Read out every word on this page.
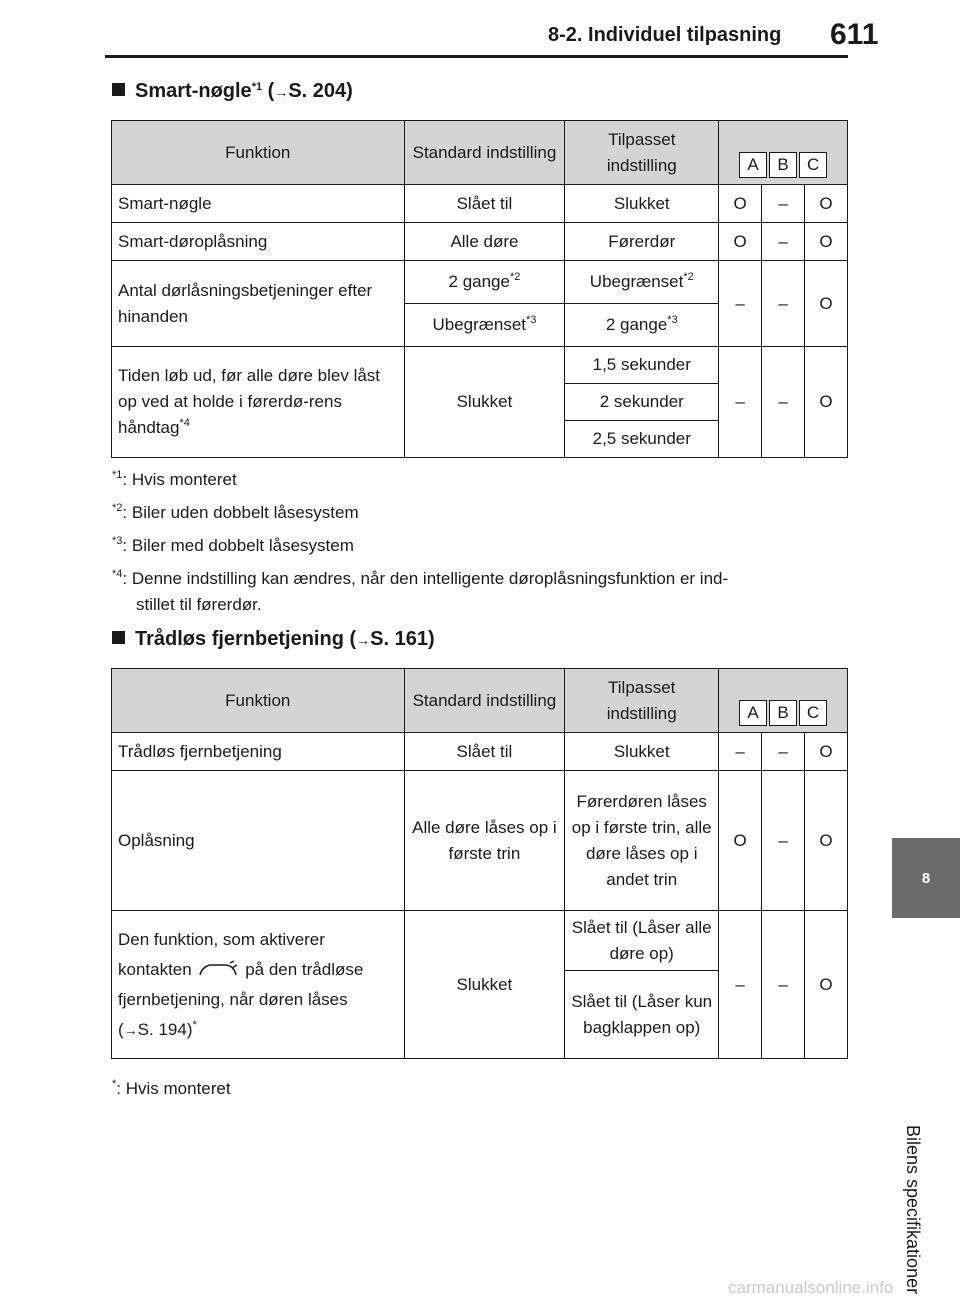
8-2. Individuel tilpasning 611
8
Bilens specifikationer
Smart-nøgle$^{*1}$ (→S. 204)
Funktion	Standard indstilling	Tilpasset indstilling	A B C		
Smart-nøgle	Slået til	Slukket	O	–	O
Smart-døroplåsning	Alle døre	Førerdør	O	–	O
Antal dørlåsningsbetjeninger efter hinanden	2 gange$^{*2}$	Ubegrænset$^{*2}$	–	–	O
	Ubegrænset$^{*3}$	2 gange$^{*3}$
Tiden løb ud, før alle døre blev låst op ved at holde i førerdø-rens håndtag$^{*4}$	Slukket	1,5 sekunder	–	–	O
		2 sekunder			
		2,5 sekunder			
$^{*1}$: Hvis monteret
$^{*2}$: Biler uden dobbelt låsesystem
$^{*3}$: Biler med dobbelt låsesystem
$^{*4}$: Denne indstilling kan ændres, når den intelligente døroplåsningsfunktion er ind-
stillet til førerdør.
Trådløs fjernbetjening (→S. 161)
Funktion	Standard indstilling	Tilpasset indstilling	A B C		
Trådløs fjernbetjening	Slået til	Slukket	–	–	O
Oplåsning	Alle døre låses op i første trin	Førerdøren låses op i første trin, alle døre låses op i andet trin	O	–	O
Den funktion, som aktiverer
kontakten på den trådløse
fjernbetjening, når døren låses
(→S. 194)*	Slukket	Slået til (Låser alle døre op)	–	–	O
		Slået til (Låser kun bagklappen op)			
*: Hvis monteret
carmanualsonline.info
